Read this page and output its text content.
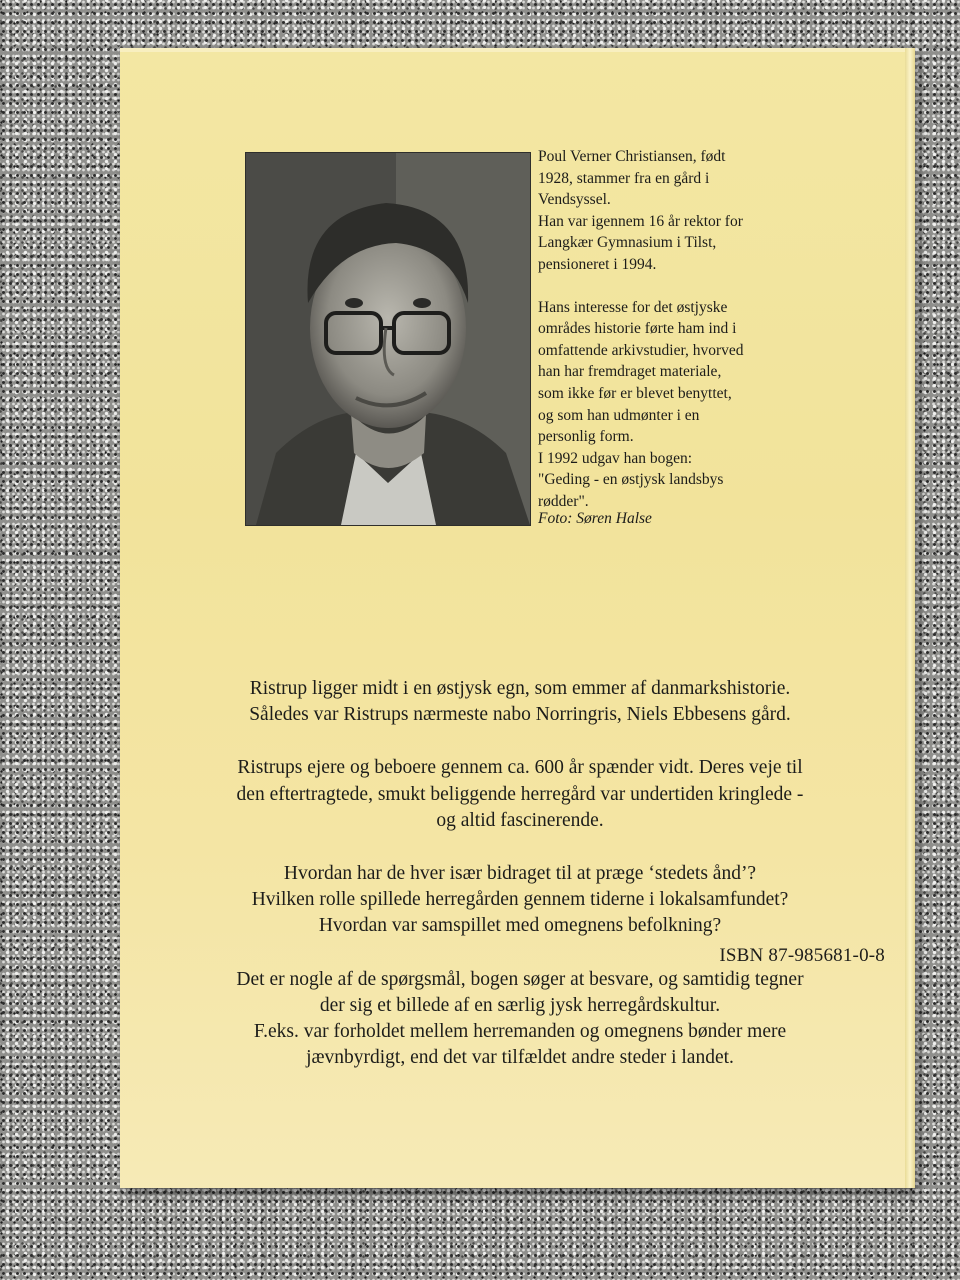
Poul Verner Christiansen, født

1928, stammer fra en gård i

Vendsyssel.

Han var igennem 16 år rektor for

Langkær Gymnasium i Tilst,

pensioneret i 1994.

Hans interesse for det østjyske

områdes historie førte ham ind i

omfattende arkivstudier, hvorved

han har fremdraget materiale,

som ikke før er blevet benyttet,

og som han udmønter i en

personlig form.

I 1992 udgav han bogen:

"Geding - en østjysk landsbys

rødder".

Foto: Søren Halse

Ristrup ligger midt i en østjysk egn, som emmer af danmarkshistorie.
Således var Ristrups nærmeste nabo Norringris, Niels Ebbesens gård.

Ristrups ejere og beboere gennem ca. 600 år spænder vidt. Deres veje til
den eftertragtede, smukt beliggende herregård var undertiden kringlede -
og altid fascinerende.

Hvordan har de hver især bidraget til at præge ‘stedets ånd’?
Hvilken rolle spillede herregården gennem tiderne i lokalsamfundet?
Hvordan var samspillet med omegnens befolkning?

Det er nogle af de spørgsmål, bogen søger at besvare, og samtidig tegner
der sig et billede af en særlig jysk herregårdskultur.
F.eks. var forholdet mellem herremanden og omegnens bønder mere
jævnbyrdigt, end det var tilfældet andre steder i landet.

ISBN 87-985681-0-8
